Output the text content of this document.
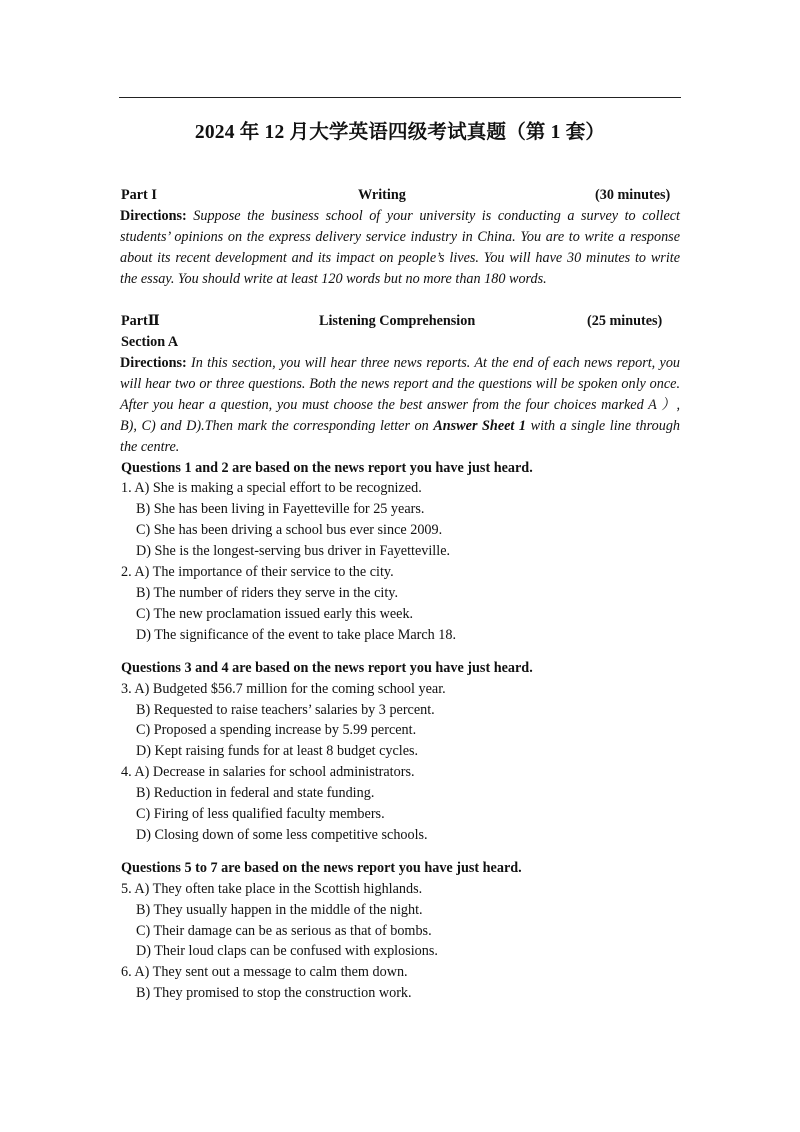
2024 年 12 月大学英语四级考试真题（第 1 套）
Part I	Writing	(30 minutes)
Directions: Suppose the business school of your university is conducting a survey to collect students’ opinions on the express delivery service industry in China. You are to write a response about its recent development and its impact on people’s lives. You will have 30 minutes to write the essay. You should write at least 120 words but no more than 180 words.
PartⅡ	Listening Comprehension	(25 minutes)
Section A
Directions: In this section, you will hear three news reports. At the end of each news report, you will hear two or three questions. Both the news report and the questions will be spoken only once. After you hear a question, you must choose the best answer from the four choices marked A ）, B), C) and D).Then mark the corresponding letter on Answer Sheet 1 with a single line through the centre.
Questions 1 and 2 are based on the news report you have just heard.
1. A) She is making a special effort to be recognized.
B) She has been living in Fayetteville for 25 years.
C) She has been driving a school bus ever since 2009.
D) She is the longest-serving bus driver in Fayetteville.
2. A) The importance of their service to the city.
B) The number of riders they serve in the city.
C) The new proclamation issued early this week.
D) The significance of the event to take place March 18.
Questions 3 and 4 are based on the news report you have just heard.
3. A) Budgeted $56.7 million for the coming school year.
B) Requested to raise teachers’ salaries by 3 percent.
C) Proposed a spending increase by 5.99 percent.
D) Kept raising funds for at least 8 budget cycles.
4. A) Decrease in salaries for school administrators.
B) Reduction in federal and state funding.
C) Firing of less qualified faculty members.
D) Closing down of some less competitive schools.
Questions 5 to 7 are based on the news report you have just heard.
5. A) They often take place in the Scottish highlands.
B) They usually happen in the middle of the night.
C) Their damage can be as serious as that of bombs.
D) Their loud claps can be confused with explosions.
6. A) They sent out a message to calm them down.
B) They promised to stop the construction work.
